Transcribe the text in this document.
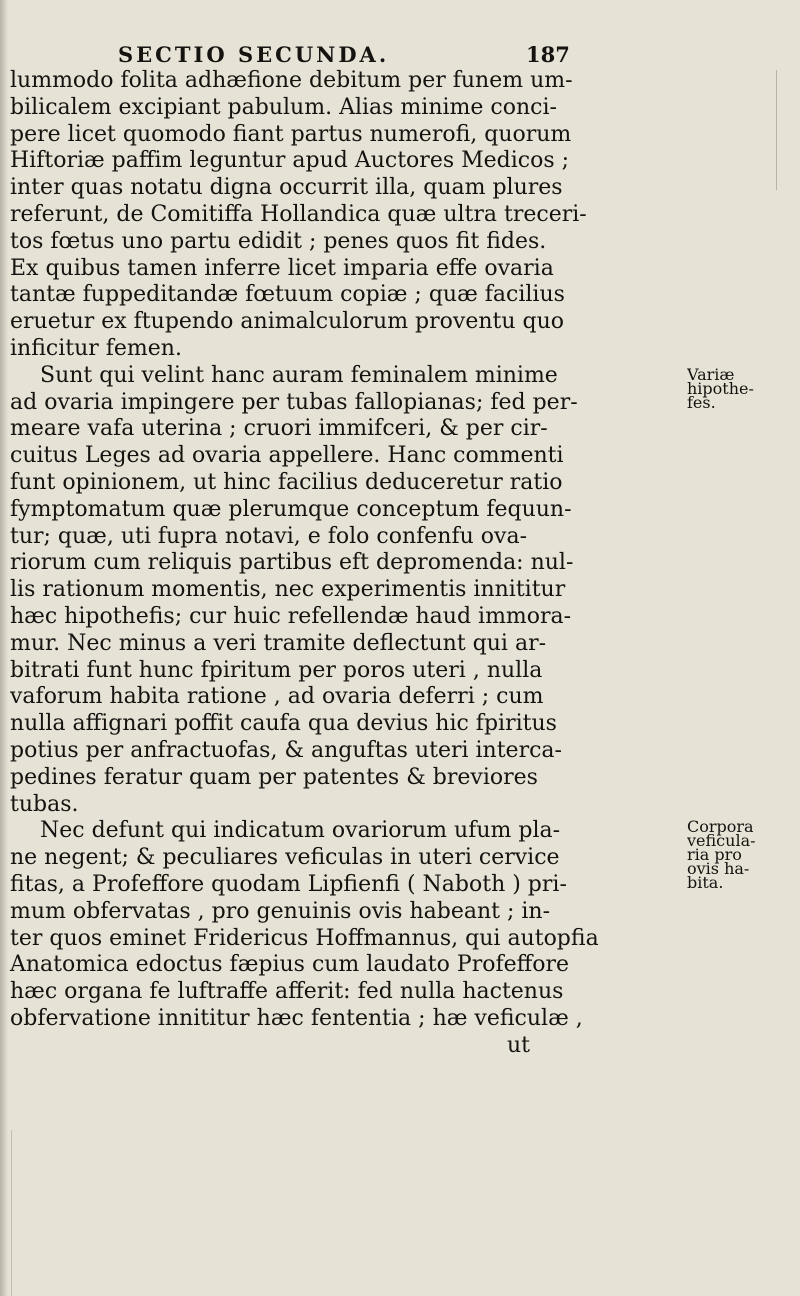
SECTIO SECUNDA.	187
lummodo folita adhæfione debitum per funem um-
bilicalem excipiant pabulum. Alias minime conci-
pere licet quomodo fiant partus numerofi, quorum
Hiftoriæ paffim leguntur apud Auctores Medicos ;
inter quas notatu digna occurrit illa, quam plures
referunt, de Comitiffa Hollandica quæ ultra treceri-
tos fœtus uno partu edidit ; penes quos fit fides.
Ex quibus tamen inferre licet imparia effe ovaria
tantæ fuppeditandæ fœtuum copiæ ; quæ facilius
eruetur ex ftupendo animalculorum proventu quo
inficitur femen.
Sunt qui velint hanc auram feminalem minime
ad ovaria impingere per tubas fallopianas; fed per-
meare vafa uterina ; cruori immifceri, & per cir-
cuitus Leges ad ovaria appellere. Hanc commenti
funt opinionem, ut hinc facilius deduceretur ratio
fymptomatum quæ plerumque conceptum fequun-
tur; quæ, uti fupra notavi, e folo confenfu ova-
riorum cum reliquis partibus eft depromenda: nul-
lis rationum momentis, nec experimentis innititur
hæc hipothefis; cur huic refellendæ haud immora-
mur. Nec minus a veri tramite deflectunt qui ar-
bitrati funt hunc fpiritum per poros uteri , nulla
vaforum habita ratione , ad ovaria deferri ; cum
nulla affignari poffit caufa qua devius hic fpiritus
potius per anfractuofas, & anguftas uteri interca-
pedines feratur quam per patentes & breviores
tubas.
Nec defunt qui indicatum ovariorum ufum pla-
ne negent; & peculiares veficulas in uteri cervice
fitas, a Profeffore quodam Lipfienfi ( Naboth ) pri-
mum obfervatas , pro genuinis ovis habeant ; in-
ter quos eminet Fridericus Hoffmannus, qui autopfia
Anatomica edoctus fæpius cum laudato Profeffore
hæc organa fe luftraffe afferit: fed nulla hactenus
obfervatione innititur hæc fententia ; hæ veficulæ ,
ut
Variæ
hipothe-
fes.
Corpora
veficula-
ria pro
ovis ha-
bita.
